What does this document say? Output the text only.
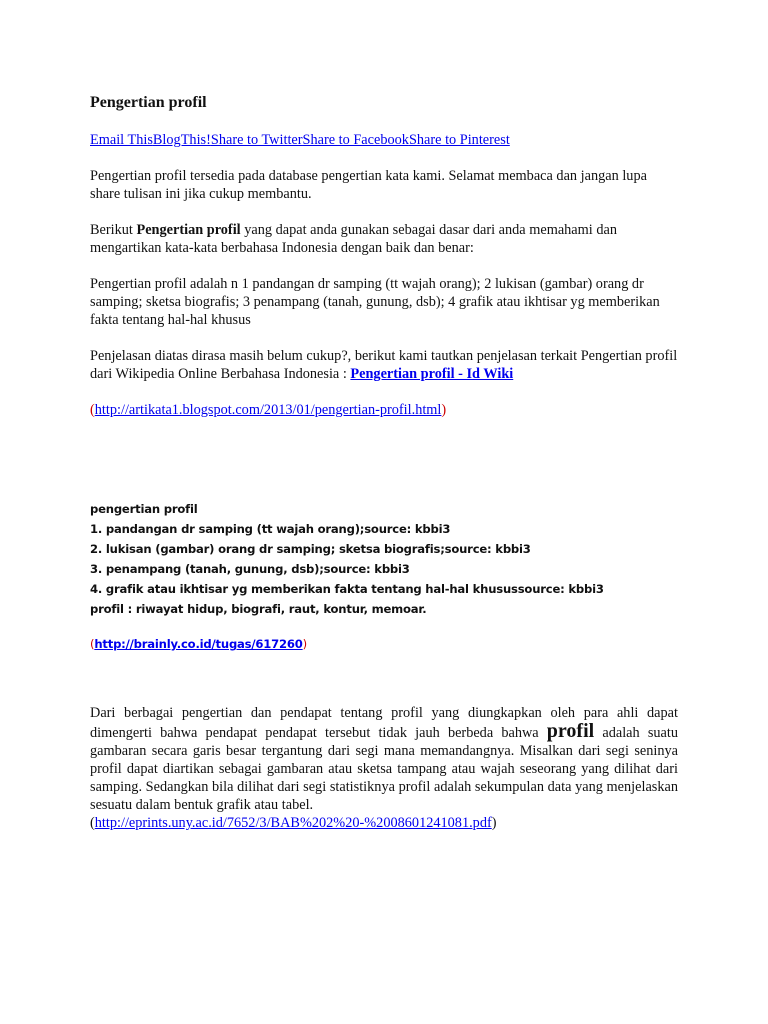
Pengertian profil

Email ThisBlogThis!Share to TwitterShare to FacebookShare to Pinterest

Pengertian profil tersedia pada database pengertian kata kami. Selamat membaca dan jangan lupa share tulisan ini jika cukup membantu.

Berikut Pengertian profil yang dapat anda gunakan sebagai dasar dari anda memahami dan mengartikan kata-kata berbahasa Indonesia dengan baik dan benar:

Pengertian profil adalah n 1 pandangan dr samping (tt wajah orang); 2 lukisan (gambar) orang dr samping; sketsa biografis; 3 penampang (tanah, gunung, dsb); 4 grafik atau ikhtisar yg memberikan fakta tentang hal-hal khusus

Penjelasan diatas dirasa masih belum cukup?, berikut kami tautkan penjelasan terkait Pengertian profil dari Wikipedia Online Berbahasa Indonesia : Pengertian profil - Id Wiki

(http://artikata1.blogspot.com/2013/01/pengertian-profil.html)

pengertian profil
1. pandangan dr samping (tt wajah orang);source: kbbi3
2. lukisan (gambar) orang dr samping; sketsa biografis;source: kbbi3
3. penampang (tanah, gunung, dsb);source: kbbi3
4. grafik atau ikhtisar yg memberikan fakta tentang hal-hal khusussource: kbbi3
profil : riwayat hidup, biografi, raut, kontur, memoar.

(http://brainly.co.id/tugas/617260)

Dari berbagai pengertian dan pendapat tentang profil yang diungkapkan oleh para ahli dapat dimengerti bahwa pendapat pendapat tersebut tidak jauh berbeda bahwa profil adalah suatu gambaran secara garis besar tergantung dari segi mana memandangnya. Misalkan dari segi seninya profil dapat diartikan sebagai gambaran atau sketsa tampang atau wajah seseorang yang dilihat dari samping. Sedangkan bila dilihat dari segi statistiknya profil adalah sekumpulan data yang menjelaskan sesuatu dalam bentuk grafik atau tabel.
(http://eprints.uny.ac.id/7652/3/BAB%202%20-%2008601241081.pdf)
